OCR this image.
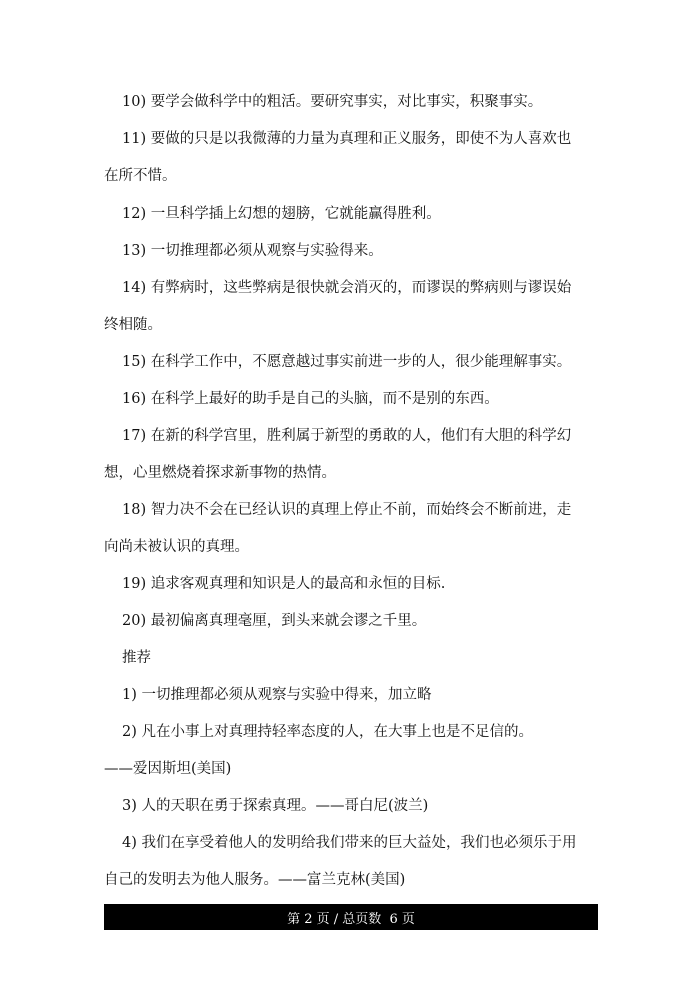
10) 要学会做科学中的粗活。要研究事实，对比事实，积聚事实。
11) 要做的只是以我微薄的力量为真理和正义服务，即使不为人喜欢也
在所不惜。
12) 一旦科学插上幻想的翅膀，它就能赢得胜利。
13) 一切推理都必须从观察与实验得来。
14) 有弊病时，这些弊病是很快就会消灭的，而谬误的弊病则与谬误始
终相随。
15) 在科学工作中，不愿意越过事实前进一步的人，很少能理解事实。
16) 在科学上最好的助手是自己的头脑，而不是别的东西。
17) 在新的科学宫里，胜利属于新型的勇敢的人，他们有大胆的科学幻
想，心里燃烧着探求新事物的热情。
18) 智力决不会在已经认识的真理上停止不前，而始终会不断前进，走
向尚未被认识的真理。
19) 追求客观真理和知识是人的最高和永恒的目标.
20) 最初偏离真理毫厘，到头来就会谬之千里。
推荐
1) 一切推理都必须从观察与实验中得来，加立略
2) 凡在小事上对真理持轻率态度的人，在大事上也是不足信的。
——爱因斯坦(美国)
3) 人的天职在勇于探索真理。——哥白尼(波兰)
4) 我们在享受着他人的发明给我们带来的巨大益处，我们也必须乐于用
自己的发明去为他人服务。——富兰克林(美国)
第 2 页 / 总页数  6 页
